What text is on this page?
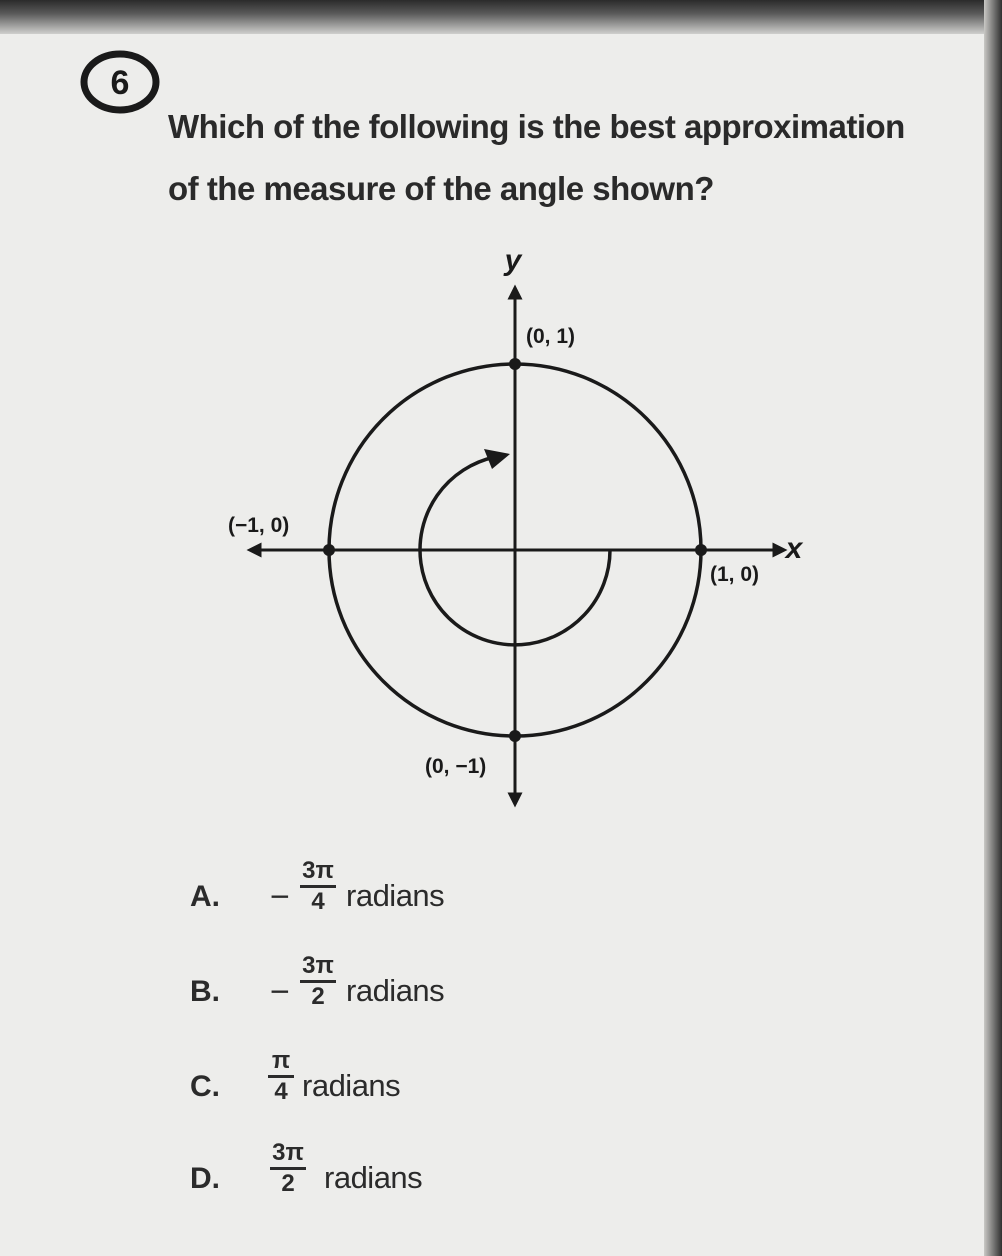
6
Which of the following is the best approximation
of the measure of the angle shown?
y
x
(0, 1)
(−1, 0)
(1, 0)
(0, −1)
A. −
3π
4 radians
B. −
3π
2 radians
C.
π
4 radians
D.
3π
2 radians
